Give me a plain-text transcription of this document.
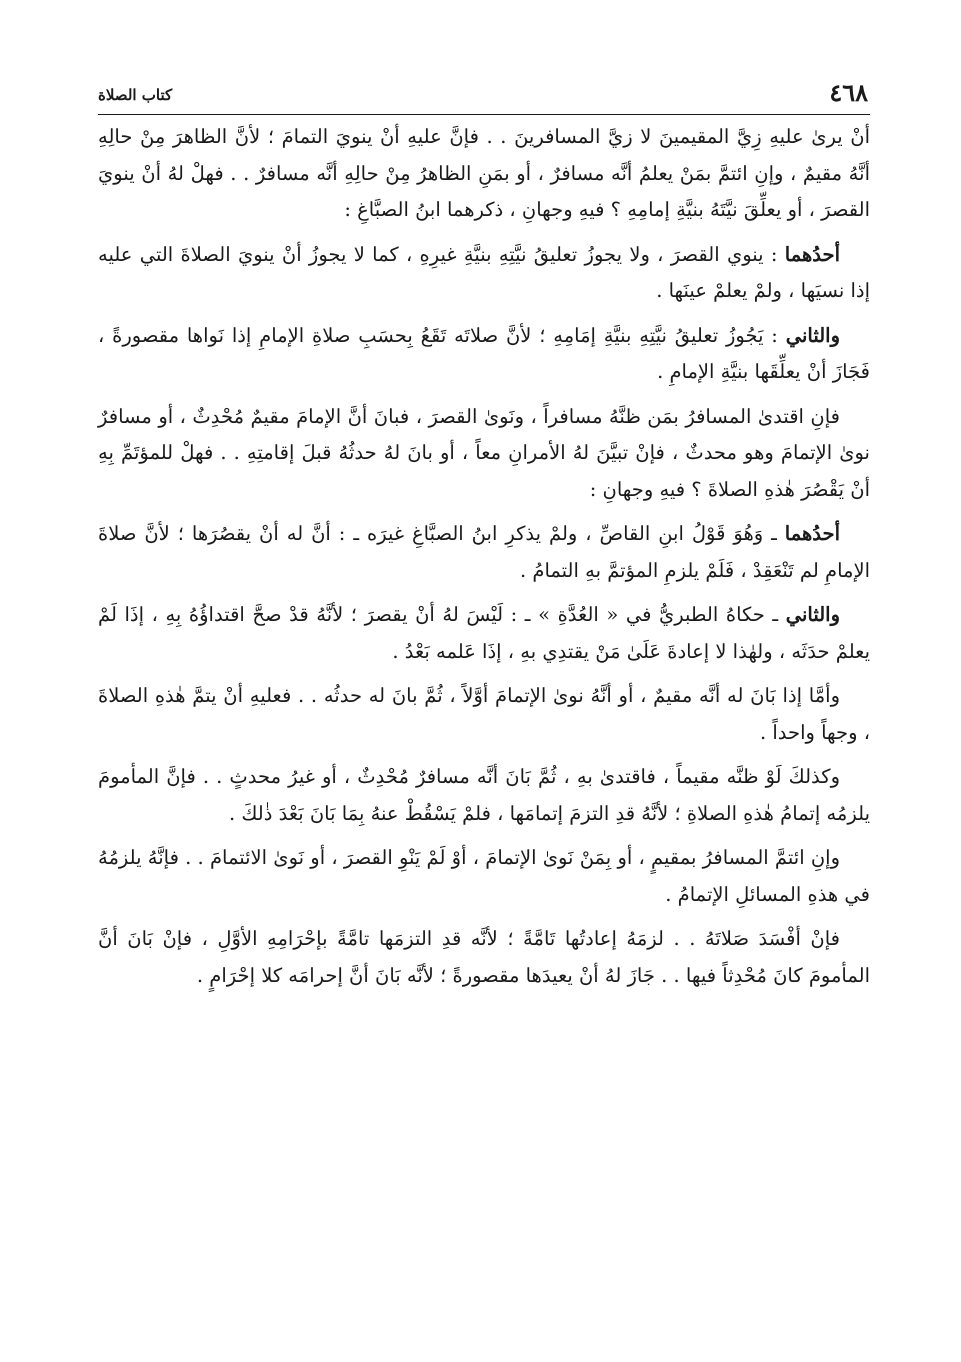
٤٦٨
كتاب الصلاة

أنْ يرىٰ عليهِ زِيَّ المقيمينَ لا زيَّ المسافرينَ . . فإنَّ عليهِ أنْ ينويَ التمامَ ؛ لأنَّ الظاهرَ مِنْ حالِهِ أنَّهُ مقيمٌ ، وإنِ ائتمَّ بمَنْ يعلمُ أنَّه مسافرٌ ، أو بمَنِ الظاهرُ مِنْ حالِهِ أنَّه مسافرٌ . . فهلْ لهُ أنْ ينويَ القصرَ ، أو يعلِّقَ نيَّتَهُ بنيَّةِ إمامِهِ ؟ فيهِ وجهانِ ، ذكرهما ابنُ الصبَّاغِ :

أحدُهما : ينوي القصرَ ، ولا يجوزُ تعليقُ نيَّتِهِ بنيَّةِ غيرِهِ ، كما لا يجوزُ أنْ ينويَ الصلاةَ التي عليه إذا نسيَها ، ولمْ يعلمْ عينَها .

والثاني : يَجُوزُ تعليقُ نيَّتِهِ بنيَّةِ إمَامِهِ ؛ لأنَّ صلاتَه تَقَعُ بِحسَبِ صلاةِ الإمامِ إذا نَواها مقصورةً ، فَجَازَ أنْ يعلِّقَها بنيَّةِ الإمامِ .

فإنِ اقتدىٰ المسافرُ بمَن ظنَّهُ مسافراً ، ونَوىٰ القصرَ ، فبانَ أنَّ الإمامَ مقيمٌ مُحْدِثٌ ، أو مسافرٌ نوىٰ الإتمامَ وهو محدثٌ ، فإنْ تبيَّنَ لهُ الأمرانِ معاً ، أو بانَ لهُ حدثُهُ قبلَ إقامتِهِ . . فهلْ للمؤتَمِّ بِهِ أنْ يَقْصُرَ هٰذهِ الصلاةَ ؟ فيهِ وجهانِ :

أحدُهما ـ وَهُوَ قَوْلُ ابنِ القاصِّ ، ولمْ يذكرِ ابنُ الصبَّاغِ غيرَه ـ : أنَّ له أنْ يقصُرَها ؛ لأنَّ صلاةَ الإمامِ لم تَنْعَقِدْ ، فَلَمْ يلزمِ المؤتمَّ بهِ التمامُ .

والثاني ـ حكاهُ الطبريُّ في « العُدَّةِ » ـ : لَيْسَ لهُ أنْ يقصرَ ؛ لأنَّهُ قدْ صحَّ اقتداؤُهُ بِهِ ، إذَا لَمْ يعلمْ حدَثَه ، ولهٰذا لا إعادةَ عَلَىٰ مَنْ يقتدِي بهِ ، إذَا عَلمه بَعْدُ .

وأمَّا إذا بَانَ له أنَّه مقيمٌ ، أو أنَّهُ نوىٰ الإتمامَ أوَّلاً ، ثُمَّ بانَ له حدثُه . . فعليهِ أنْ يتمَّ هٰذهِ الصلاةَ ، وجهاً واحداً .

وكذلكَ لَوْ ظنَّه مقيماً ، فاقتدىٰ بهِ ، ثُمَّ بَانَ أنَّه مسافرٌ مُحْدِثٌ ، أو غيرُ محدثٍ . . فإنَّ المأمومَ يلزمُه إتمامُ هٰذهِ الصلاةِ ؛ لأنَّهُ قدِ التزمَ إتمامَها ، فلمْ يَسْقُطْ عنهُ بِمَا بَانَ بَعْدَ ذٰلكَ .

وإنِ ائتمَّ المسافرُ بمقيمٍ ، أو بِمَنْ نَوىٰ الإتمامَ ، أوْ لَمْ يَنْوِ القصرَ ، أو نَوىٰ الائتمامَ . . فإنَّهُ يلزمُهُ في هذهِ المسائلِ الإتمامُ .

فإنْ أفْسَدَ صَلاتَهُ . . لزمَهُ إعادتُها تَامَّةً ؛ لأنَّه قدِ التزمَها تامَّةً بإحْرَامِهِ الأوَّلِ ، فإنْ بَانَ أنَّ المأمومَ كانَ مُحْدِثاً فيها . . جَازَ لهُ أنْ يعيدَها مقصورةً ؛ لأنَّه بَانَ أنَّ إحرامَه كلا إحْرَامٍ .
